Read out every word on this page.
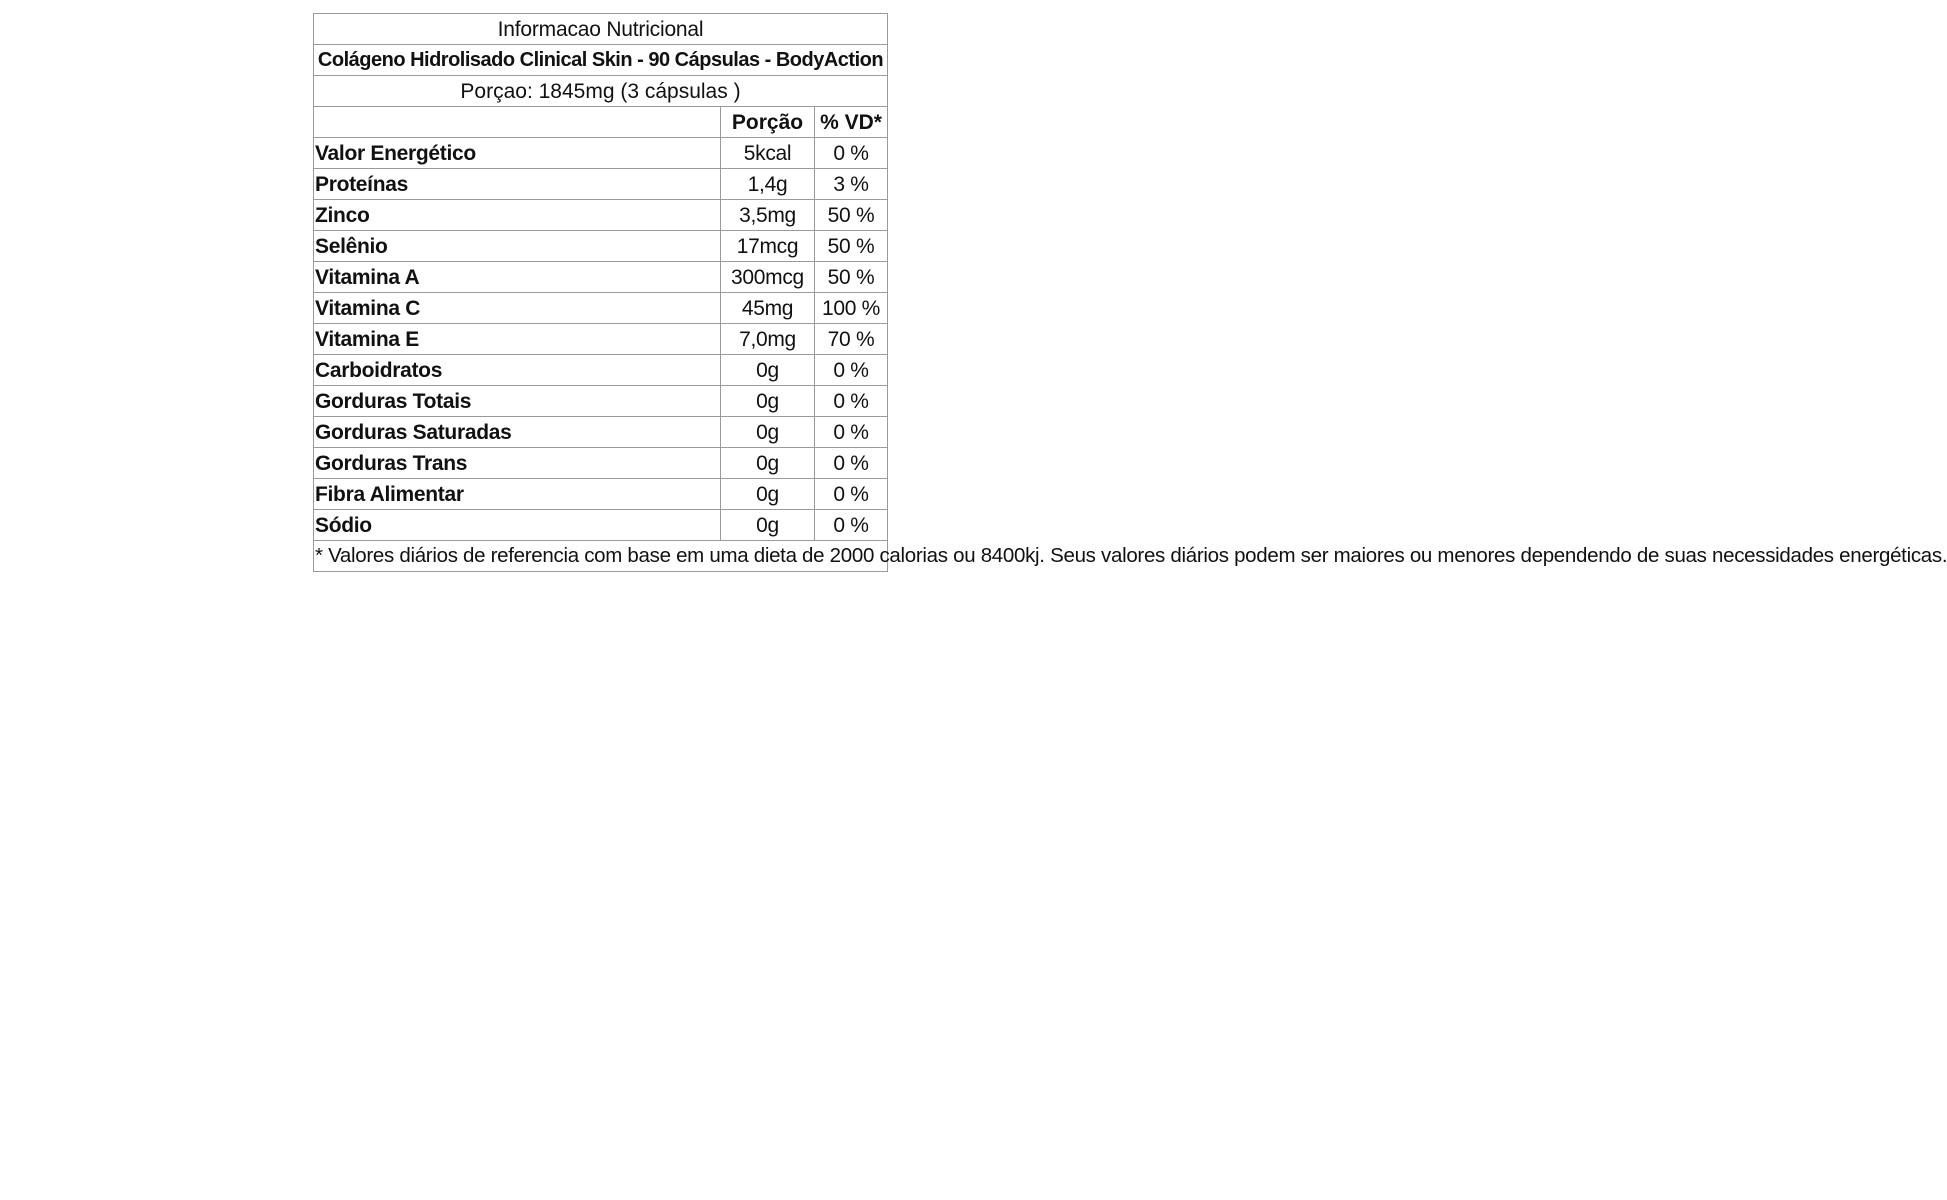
Informacao Nutricional		
Colágeno Hidrolisado Clinical Skin - 90 Cápsulas - BodyAction		
Porçao: 1845mg (3 cápsulas )		
	Porção	% VD*
Valor Energético	5kcal	0 %
Proteínas	1,4g	3 %
Zinco	3,5mg	50 %
Selênio	17mcg	50 %
Vitamina A	300mcg	50 %
Vitamina C	45mg	100 %
Vitamina E	7,0mg	70 %
Carboidratos	0g	0 %
Gorduras Totais	0g	0 %
Gorduras Saturadas	0g	0 %
Gorduras Trans	0g	0 %
Fibra Alimentar	0g	0 %
Sódio	0g	0 %
* Valores diários de referencia com base em uma dieta de 2000 calorias ou 8400kj. Seus valores diários podem ser maiores ou menores dependendo de suas necessidades energéticas.		
